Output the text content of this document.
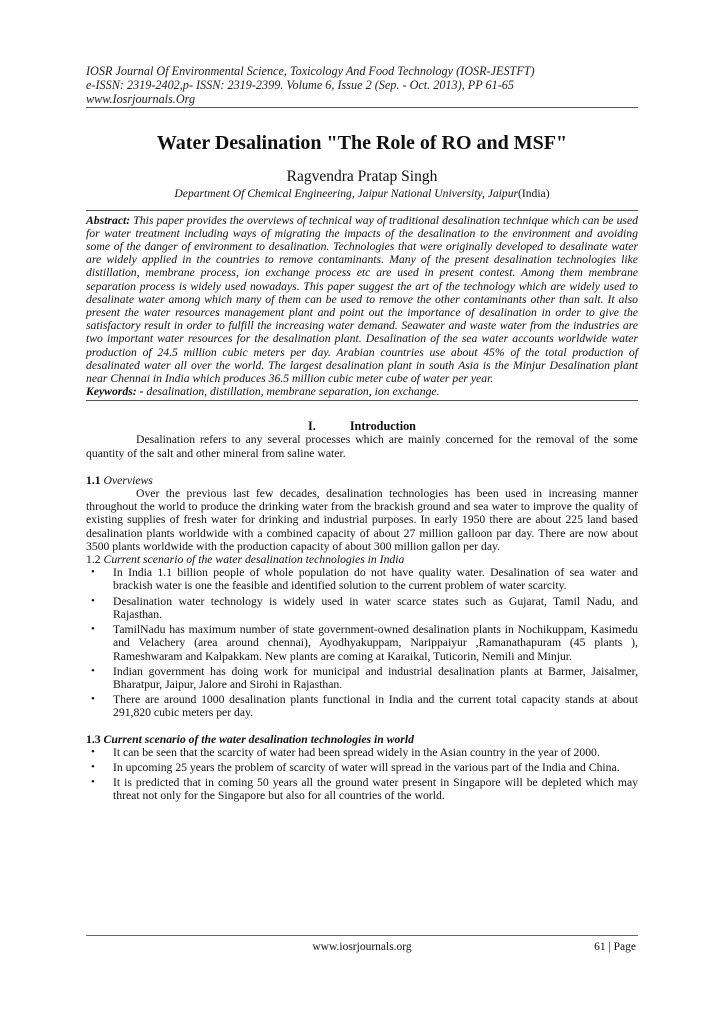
IOSR Journal Of Environmental Science, Toxicology And Food Technology (IOSR-JESTFT)
e-ISSN: 2319-2402,p- ISSN: 2319-2399. Volume 6, Issue 2 (Sep. - Oct. 2013), PP 61-65
www.Iosrjournals.Org
Water Desalination "The Role of RO and MSF"
Ragvendra Pratap Singh
Department Of Chemical Engineering, Jaipur National University, Jaipur(India)
Abstract: This paper provides the overviews of technical way of traditional desalination technique which can be used for water treatment including ways of migrating the impacts of the desalination to the environment and avoiding some of the danger of environment to desalination. Technologies that were originally developed to desalinate water are widely applied in the countries to remove contaminants. Many of the present desalination technologies like distillation, membrane process, ion exchange process etc are used in present contest. Among them membrane separation process is widely used nowadays. This paper suggest the art of the technology which are widely used to desalinate water among which many of them can be used to remove the other contaminants other than salt. It also present the water resources management plant and point out the importance of desalination in order to give the satisfactory result in order to fulfill the increasing water demand. Seawater and waste water from the industries are two important water resources for the desalination plant. Desalination of the sea water accounts worldwide water production of 24.5 million cubic meters per day. Arabian countries use about 45% of the total production of desalinated water all over the world. The largest desalination plant in south Asia is the Minjur Desalination plant near Chennai in India which produces 36.5 million cubic meter cube of water per year.
Keywords: - desalination, distillation, membrane separation, ion exchange.
I.	Introduction
Desalination refers to any several processes which are mainly concerned for the removal of the some quantity of the salt and other mineral from saline water.
1.1 Overviews
Over the previous last few decades, desalination technologies has been used in increasing manner throughout the world to produce the drinking water from the brackish ground and sea water to improve the quality of existing supplies of fresh water for drinking and industrial purposes. In early 1950 there are about 225 land based desalination plants worldwide with a combined capacity of about 27 million galloon par day. There are now about 3500 plants worldwide with the production capacity of about 300 million gallon per day.
1.2 Current scenario of the water desalination technologies in India
• In India 1.1 billion people of whole population do not have quality water. Desalination of sea water and brackish water is one the feasible and identified solution to the current problem of water scarcity.
• Desalination water technology is widely used in water scarce states such as Gujarat, Tamil Nadu, and Rajasthan.
• TamilNadu has maximum number of state government-owned desalination plants in Nochikuppam, Kasimedu and Velachery (area around chennai), Ayodhyakuppam, Narippaiyur ,Ramanathapuram (45 plants ), Rameshwaram and Kalpakkam. New plants are coming at Karaikal, Tuticorin, Nemili and Minjur.
• Indian government has doing work for municipal and industrial desalination plants at Barmer, Jaisalmer, Bharatpur, Jaipur, Jalore and Sirohi in Rajasthan.
• There are around 1000 desalination plants functional in India and the current total capacity stands at about 291,820 cubic meters per day.
1.3 Current scenario of the water desalination technologies in world
• It can be seen that the scarcity of water had been spread widely in the Asian country in the year of 2000.
• In upcoming 25 years the problem of scarcity of water will spread in the various part of the India and China.
• It is predicted that in coming 50 years all the ground water present in Singapore will be depleted which may threat not only for the Singapore but also for all countries of the world.
www.iosrjournals.org	61 | Page
